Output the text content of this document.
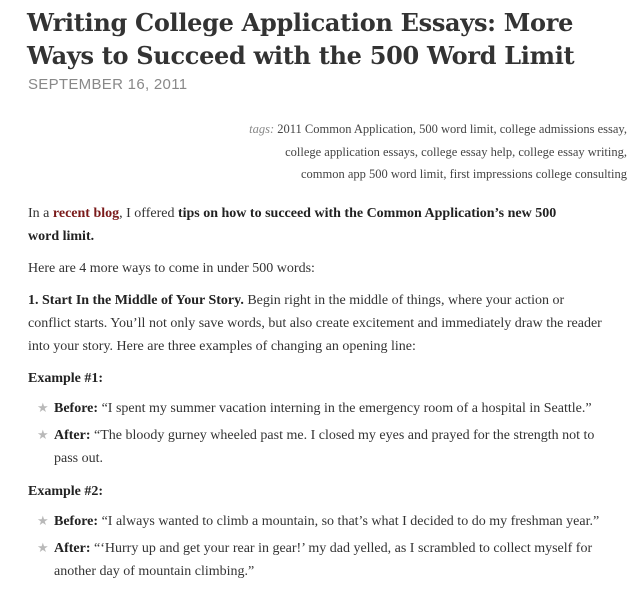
Writing College Application Essays: More Ways to Succeed with the 500 Word Limit
SEPTEMBER 16, 2011
tags: 2011 Common Application, 500 word limit, college admissions essay,
college application essays, college essay help, college essay writing,
common app 500 word limit, first impressions college consulting

In a recent blog, I offered tips on how to succeed with the Common Application’s new 500
word limit.

Here are 4 more ways to come in under 500 words:

1. Start In the Middle of Your Story. Begin right in the middle of things, where your action or
conflict starts. You’ll not only save words, but also create excitement and immediately draw the reader
into your story. Here are three examples of changing an opening line:

Example #1:

★ Before: “I spent my summer vacation interning in the emergency room of a hospital in Seattle.”

★ After: “The bloody gurney wheeled past me. I closed my eyes and prayed for the strength not to
pass out.

Example #2:

★ Before: “I always wanted to climb a mountain, so that’s what I decided to do my freshman year.”

★ After: “‘Hurry up and get your rear in gear!’ my dad yelled, as I scrambled to collect myself for
another day of mountain climbing.”
